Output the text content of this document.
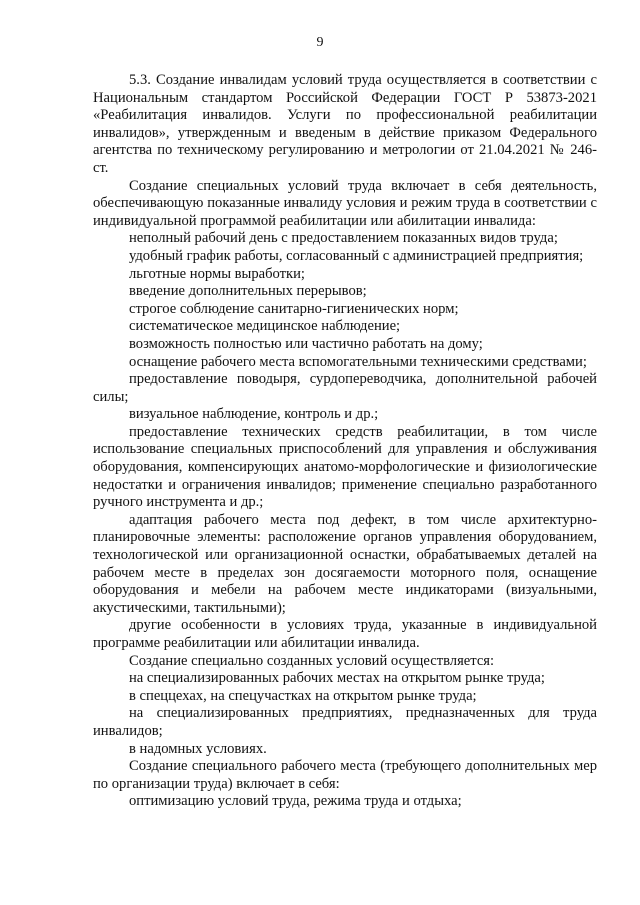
9

5.3. Создание инвалидам условий труда осуществляется в соответствии с Национальным стандартом Российской Федерации ГОСТ Р 53873-2021 «Реабилитация инвалидов. Услуги по профессиональной реабилитации инвалидов», утвержденным и введеным в действие приказом Федерального агентства по техническому регулированию и метрологии от 21.04.2021 № 246-ст.

Создание специальных условий труда включает в себя деятельность, обеспечивающую показанные инвалиду условия и режим труда в соответствии с индивидуальной программой реабилитации или абилитации инвалида:

неполный рабочий день с предоставлением показанных видов труда;

удобный график работы, согласованный с администрацией предприятия;

льготные нормы выработки;

введение дополнительных перерывов;

строгое соблюдение санитарно-гигиенических норм;

систематическое медицинское наблюдение;

возможность полностью или частично работать на дому;

оснащение рабочего места вспомогательными техническими средствами;

предоставление поводыря, сурдопереводчика, дополнительной рабочей силы;

визуальное наблюдение, контроль и др.;

предоставление технических средств реабилитации, в том числе использование специальных приспособлений для управления и обслуживания оборудования, компенсирующих анатомо-морфологические и физиологические недостатки и ограничения инвалидов; применение специально разработанного ручного инструмента и др.;

адаптация рабочего места под дефект, в том числе архитектурно-планировочные элементы: расположение органов управления оборудованием, технологической или организационной оснастки, обрабатываемых деталей на рабочем месте в пределах зон досягаемости моторного поля, оснащение оборудования и мебели на рабочем месте индикаторами (визуальными, акустическими, тактильными);

другие особенности в условиях труда, указанные в индивидуальной программе реабилитации или абилитации инвалида.

Создание специально созданных условий осуществляется:

на специализированных рабочих местах на открытом рынке труда;

в спеццехах, на спецучастках на открытом рынке труда;

на специализированных предприятиях, предназначенных для труда инвалидов;

в надомных условиях.

Создание специального рабочего места (требующего дополнительных мер по организации труда) включает в себя:

оптимизацию условий труда, режима труда и отдыха;
